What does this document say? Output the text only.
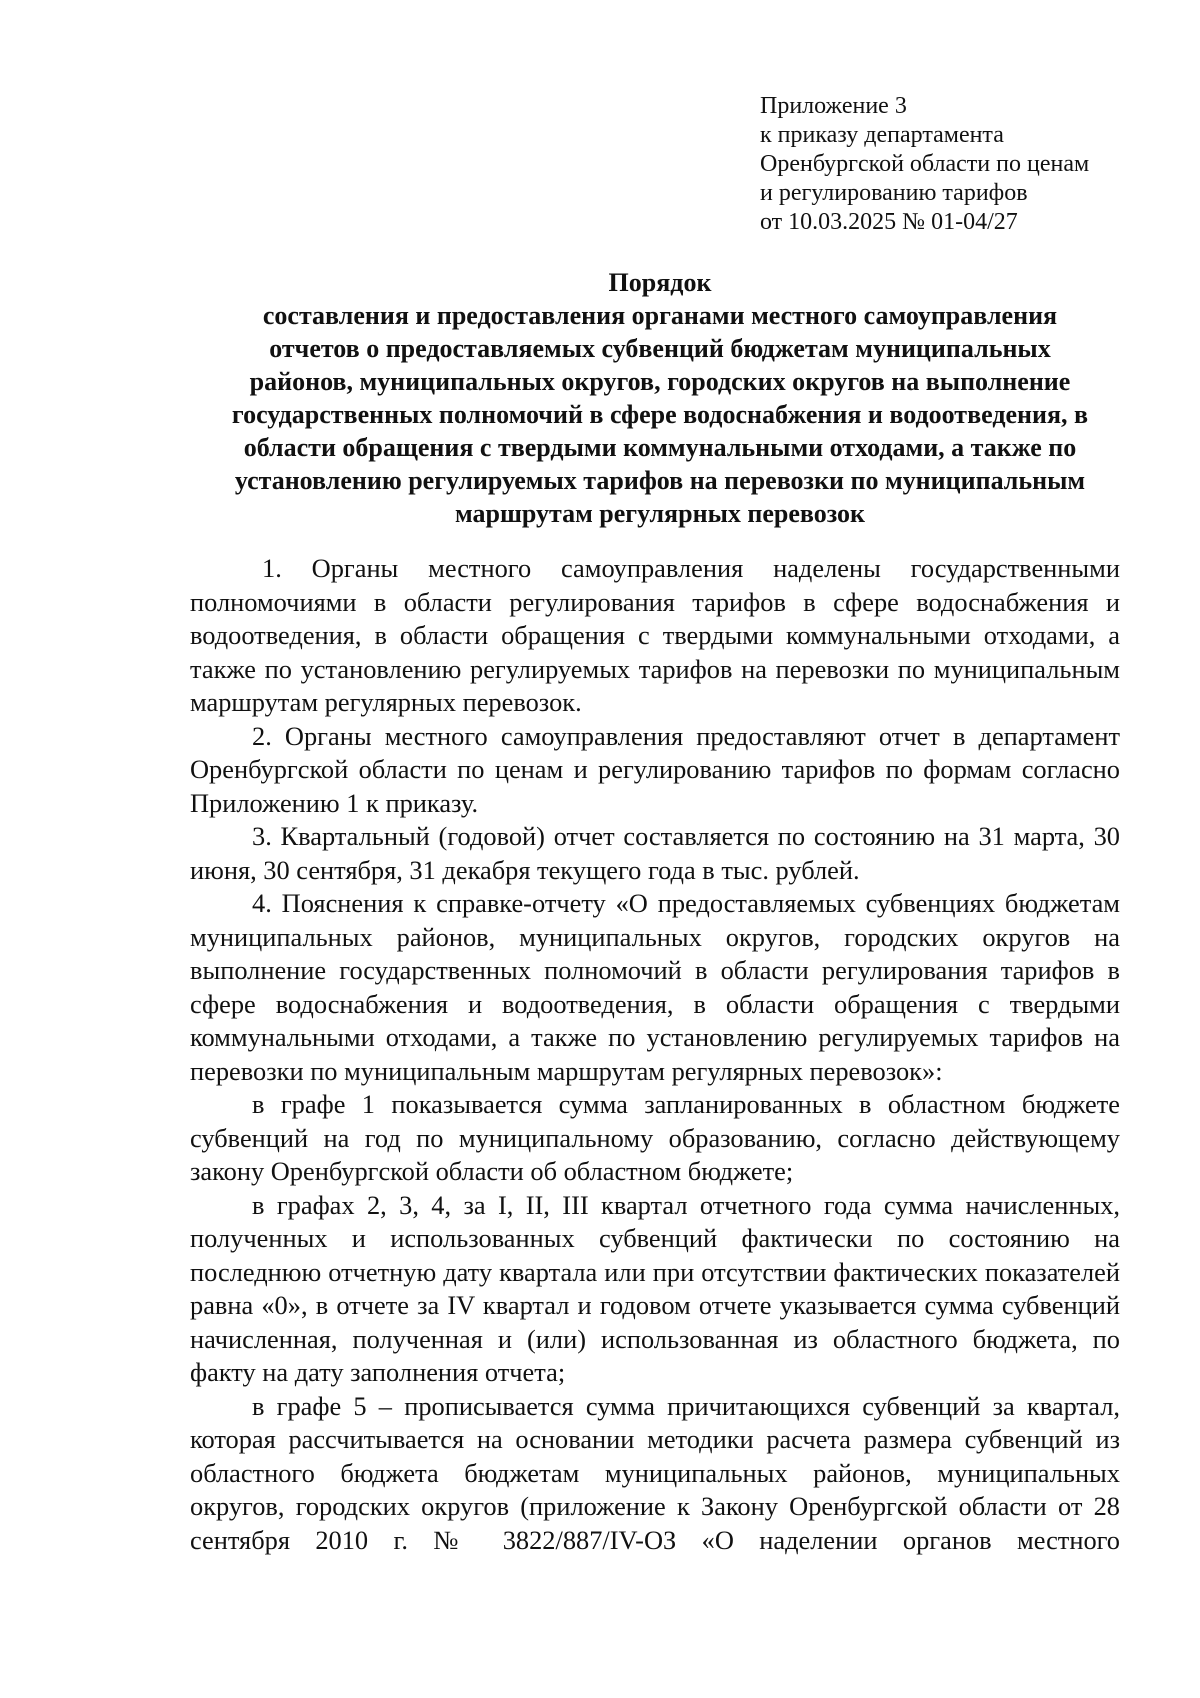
Приложение 3
к приказу департамента
Оренбургской области по ценам
и регулированию тарифов
от 10.03.2025 № 01-04/27
Порядок
составления и предоставления органами местного самоуправления
отчетов о предоставляемых субвенций бюджетам муниципальных
районов, муниципальных округов, городских округов на выполнение
государственных полномочий в сфере водоснабжения и водоотведения, в
области обращения с твердыми коммунальными отходами, а также по
установлению регулируемых тарифов на перевозки по муниципальным
маршрутам регулярных перевозок

1. Органы местного самоуправления наделены государственными полномочиями в области регулирования тарифов в сфере водоснабжения и водоотведения, в области обращения с твердыми коммунальными отходами, а также по установлению регулируемых тарифов на перевозки по муниципальным маршрутам регулярных перевозок.

2. Органы местного самоуправления предоставляют отчет в департамент Оренбургской области по ценам и регулированию тарифов по формам согласно Приложению 1 к приказу.

3. Квартальный (годовой) отчет составляется по состоянию на 31 марта, 30 июня, 30 сентября, 31 декабря текущего года в тыс. рублей.

4. Пояснения к справке-отчету «О предоставляемых субвенциях бюджетам муниципальных районов, муниципальных округов, городских округов на выполнение государственных полномочий в области регулирования тарифов в сфере водоснабжения и водоотведения, в области обращения с твердыми коммунальными отходами, а также по установлению регулируемых тарифов на перевозки по муниципальным маршрутам регулярных перевозок»:

в графе 1 показывается сумма запланированных в областном бюджете субвенций на год по муниципальному образованию, согласно действующему закону Оренбургской области об областном бюджете;

в графах 2, 3, 4, за I, II, III квартал отчетного года сумма начисленных, полученных и использованных субвенций фактически по состоянию на последнюю отчетную дату квартала или при отсутствии фактических показателей равна «0», в отчете за IV квартал и годовом отчете указывается сумма субвенций начисленная, полученная и (или) использованная из областного бюджета, по факту на дату заполнения отчета;

в графе 5 – прописывается сумма причитающихся субвенций за квартал, которая рассчитывается на основании методики расчета размера субвенций из областного бюджета бюджетам муниципальных районов, муниципальных округов, городских округов (приложение к Закону Оренбургской области от 28 сентября 2010 г. № 3822/887/IV-ОЗ «О наделении органов местного
